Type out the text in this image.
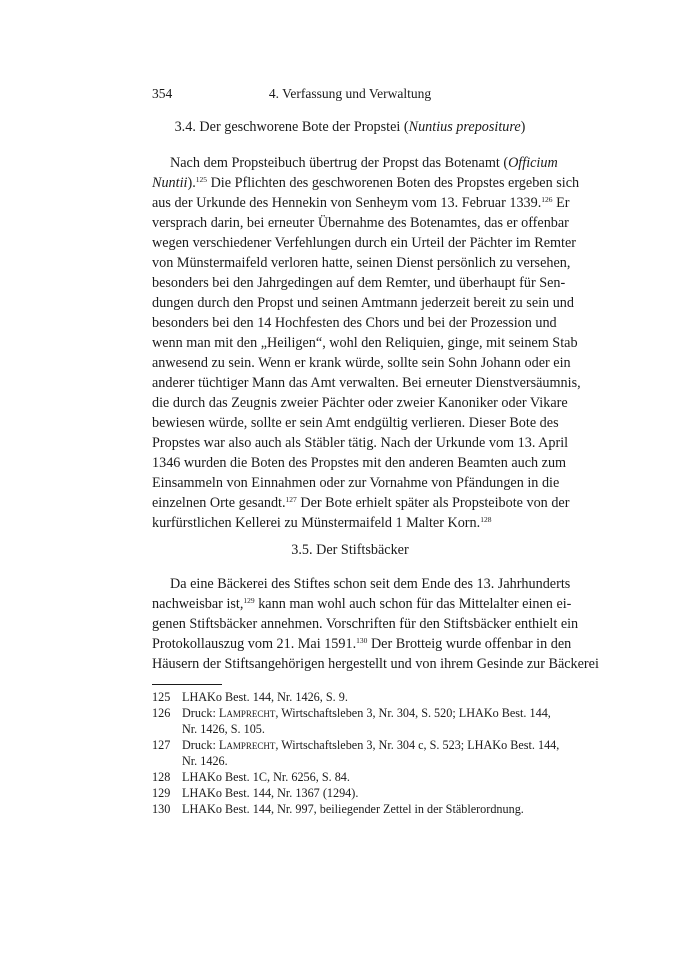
354	4. Verfassung und Verwaltung
3.4. Der geschworene Bote der Propstei (Nuntius prepositure)
Nach dem Propsteibuch übertrug der Propst das Botenamt (Officium
Nuntii).$^{125}$ Die Pflichten des geschworenen Boten des Propstes ergeben sich
aus der Urkunde des Hennekin von Senheym vom 13. Februar 1339.$^{126}$ Er
versprach darin, bei erneuter Übernahme des Botenamtes, das er offenbar
wegen verschiedener Verfehlungen durch ein Urteil der Pächter im Remter
von Münstermaifeld verloren hatte, seinen Dienst persönlich zu versehen,
besonders bei den Jahrgedingen auf dem Remter, und überhaupt für Sen-
dungen durch den Propst und seinen Amtmann jederzeit bereit zu sein und
besonders bei den 14 Hochfesten des Chors und bei der Prozession und
wenn man mit den „Heiligen“, wohl den Reliquien, ginge, mit seinem Stab
anwesend zu sein. Wenn er krank würde, sollte sein Sohn Johann oder ein
anderer tüchtiger Mann das Amt verwalten. Bei erneuter Dienstversäumnis,
die durch das Zeugnis zweier Pächter oder zweier Kanoniker oder Vikare
bewiesen würde, sollte er sein Amt endgültig verlieren. Dieser Bote des
Propstes war also auch als Stäbler tätig. Nach der Urkunde vom 13. April
1346 wurden die Boten des Propstes mit den anderen Beamten auch zum
Einsammeln von Einnahmen oder zur Vornahme von Pfändungen in die
einzelnen Orte gesandt.$^{127}$ Der Bote erhielt später als Propsteibote von der
kurfürstlichen Kellerei zu Münstermaifeld 1 Malter Korn.$^{128}$
3.5. Der Stiftsbäcker
Da eine Bäckerei des Stiftes schon seit dem Ende des 13. Jahrhunderts
nachweisbar ist,$^{129}$ kann man wohl auch schon für das Mittelalter einen ei-
genen Stiftsbäcker annehmen. Vorschriften für den Stiftsbäcker enthielt ein
Protokollauszug vom 21. Mai 1591.$^{130}$ Der Brotteig wurde offenbar in den
Häusern der Stiftsangehörigen hergestellt und von ihrem Gesinde zur Bäckerei
125 LHAKo Best. 144, Nr. 1426, S. 9.
126 Druck: Lamprecht, Wirtschaftsleben 3, Nr. 304, S. 520; LHAKo Best. 144,
Nr. 1426, S. 105.
127 Druck: Lamprecht, Wirtschaftsleben 3, Nr. 304 c, S. 523; LHAKo Best. 144,
Nr. 1426.
128 LHAKo Best. 1C, Nr. 6256, S. 84.
129 LHAKo Best. 144, Nr. 1367 (1294).
130 LHAKo Best. 144, Nr. 997, beiliegender Zettel in der Stäblerordnung.
